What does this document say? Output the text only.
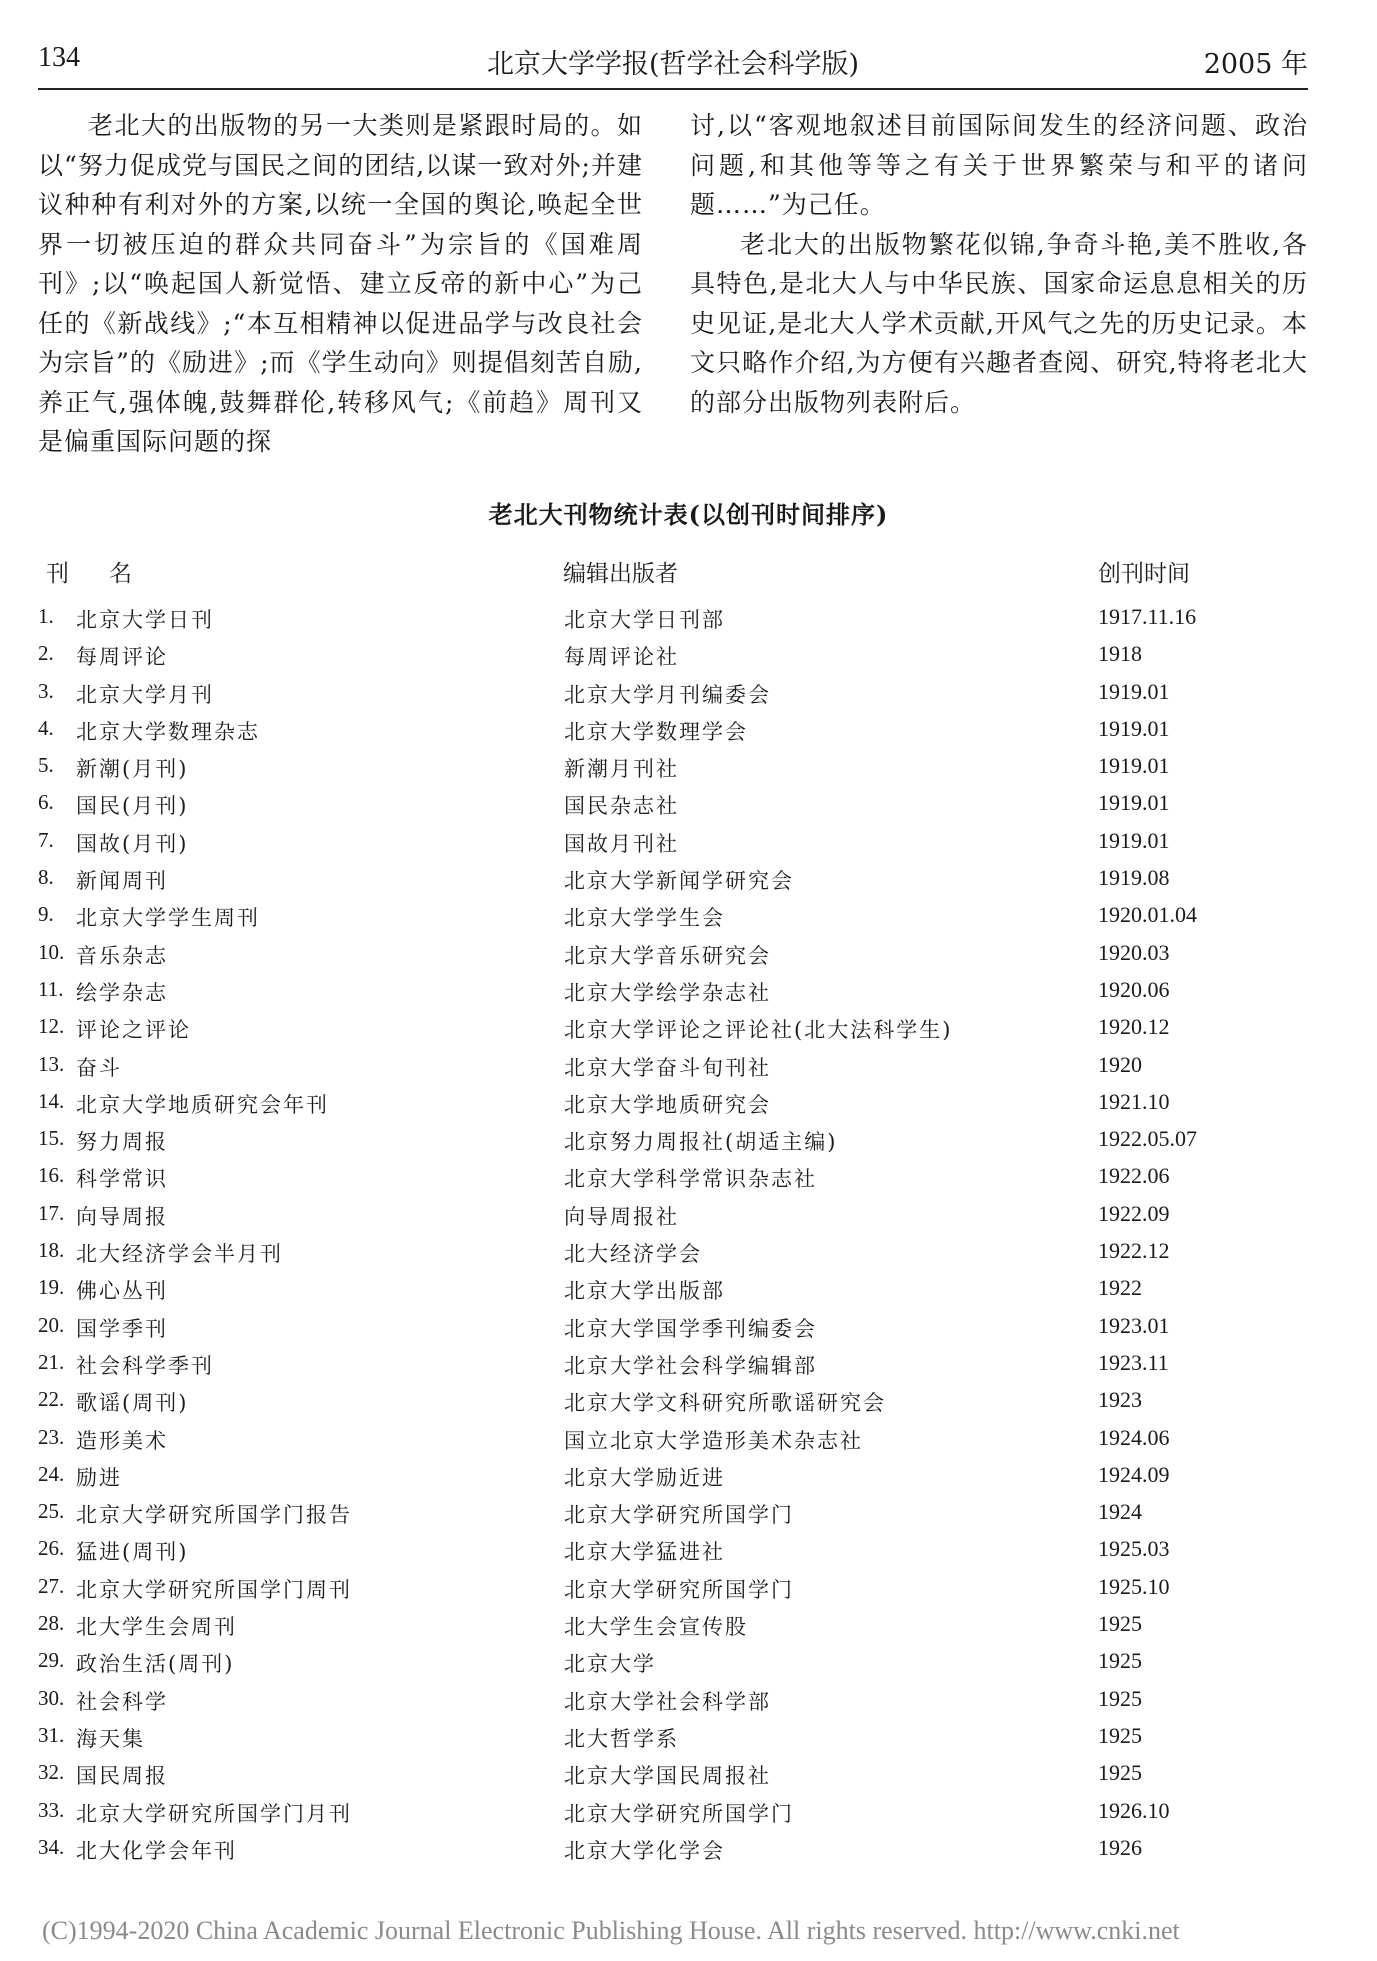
134	北京大学学报(哲学社会科学版)	2005 年

老北大的出版物的另一大类则是紧跟时局的。如以“努力促成党与国民之间的团结,以谋一致对外;并建议种种有利对外的方案,以统一全国的舆论,唤起全世界一切被压迫的群众共同奋斗”为宗旨的《国难周刊》;以“唤起国人新觉悟、建立反帝的新中心”为己任的《新战线》;“本互相精神以促进品学与改良社会为宗旨”的《励进》;而《学生动向》则提倡刻苦自励,养正气,强体魄,鼓舞群伦,转移风气;《前趋》周刊又是偏重国际问题的探

讨,以“客观地叙述目前国际间发生的经济问题、政治问题,和其他等等之有关于世界繁荣与和平的诸问题……”为己任。

老北大的出版物繁花似锦,争奇斗艳,美不胜收,各具特色,是北大人与中华民族、国家命运息息相关的历史见证,是北大人学术贡献,开风气之先的历史记录。本文只略作介绍,为方便有兴趣者查阅、研究,特将老北大的部分出版物列表附后。

老北大刊物统计表(以创刊时间排序)
刊名	编辑出版者	创刊时间
1. 北京大学日刊	北京大学日刊部	1917.11.16
2. 每周评论	每周评论社	1918
3. 北京大学月刊	北京大学月刊编委会	1919.01
4. 北京大学数理杂志	北京大学数理学会	1919.01
5. 新潮(月刊)	新潮月刊社	1919.01
6. 国民(月刊)	国民杂志社	1919.01
7. 国故(月刊)	国故月刊社	1919.01
8. 新闻周刊	北京大学新闻学研究会	1919.08
9. 北京大学学生周刊	北京大学学生会	1920.01.04
10. 音乐杂志	北京大学音乐研究会	1920.03
11. 绘学杂志	北京大学绘学杂志社	1920.06
12. 评论之评论	北京大学评论之评论社(北大法科学生)	1920.12
13. 奋斗	北京大学奋斗旬刊社	1920
14. 北京大学地质研究会年刊	北京大学地质研究会	1921.10
15. 努力周报	北京努力周报社(胡适主编)	1922.05.07
16. 科学常识	北京大学科学常识杂志社	1922.06
17. 向导周报	向导周报社	1922.09
18. 北大经济学会半月刊	北大经济学会	1922.12
19. 佛心丛刊	北京大学出版部	1922
20. 国学季刊	北京大学国学季刊编委会	1923.01
21. 社会科学季刊	北京大学社会科学编辑部	1923.11
22. 歌谣(周刊)	北京大学文科研究所歌谣研究会	1923
23. 造形美术	国立北京大学造形美术杂志社	1924.06
24. 励进	北京大学励近进	1924.09
25. 北京大学研究所国学门报告	北京大学研究所国学门	1924
26. 猛进(周刊)	北京大学猛进社	1925.03
27. 北京大学研究所国学门周刊	北京大学研究所国学门	1925.10
28. 北大学生会周刊	北大学生会宣传股	1925
29. 政治生活(周刊)	北京大学	1925
30. 社会科学	北京大学社会科学部	1925
31. 海天集	北大哲学系	1925
32. 国民周报	北京大学国民周报社	1925
33. 北京大学研究所国学门月刊	北京大学研究所国学门	1926.10
34. 北大化学会年刊	北京大学化学会	1926
(C)1994-2020 China Academic Journal Electronic Publishing House. All rights reserved. http://www.cnki.net
